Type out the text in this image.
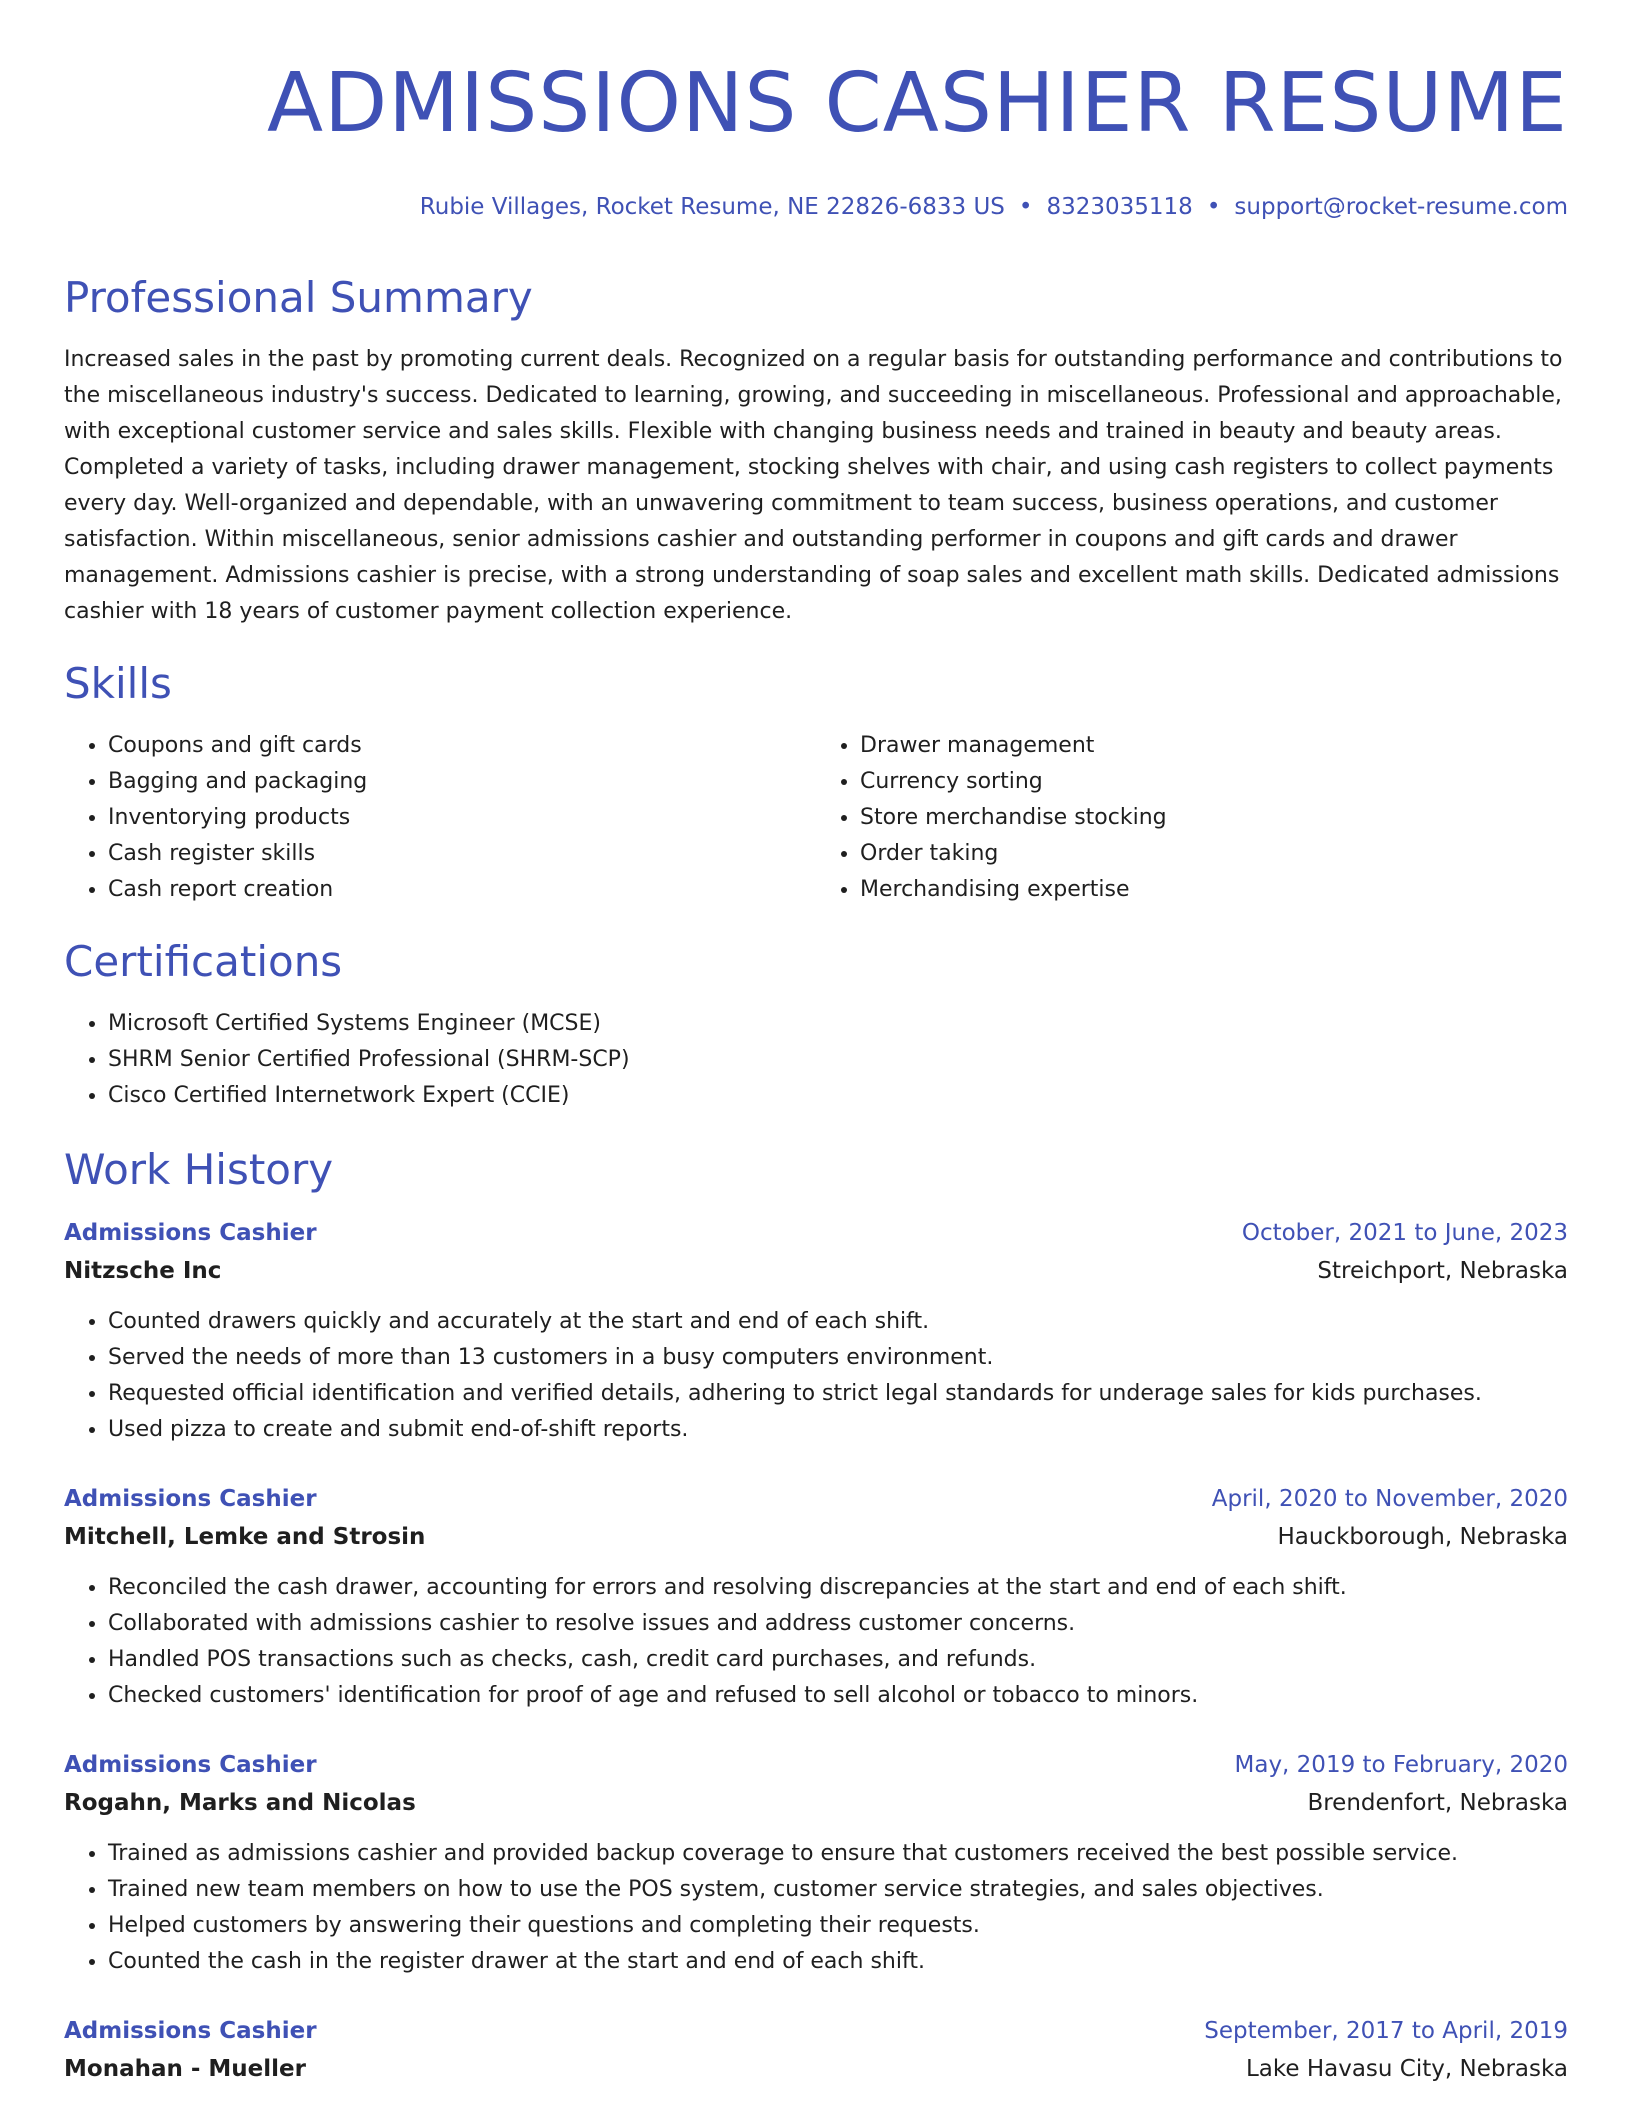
ADMISSIONS CASHIER RESUME
Rubie Villages, Rocket Resume, NE 22826-6833 US • 8323035118 • support@rocket-resume.com
Professional Summary

Increased sales in the past by promoting current deals. Recognized on a regular basis for outstanding performance and contributions to the miscellaneous industry's success. Dedicated to learning, growing, and succeeding in miscellaneous. Professional and approachable, with exceptional customer service and sales skills. Flexible with changing business needs and trained in beauty and beauty areas. Completed a variety of tasks, including drawer management, stocking shelves with chair, and using cash registers to collect payments every day. Well-organized and dependable, with an unwavering commitment to team success, business operations, and customer satisfaction. Within miscellaneous, senior admissions cashier and outstanding performer in coupons and gift cards and drawer management. Admissions cashier is precise, with a strong understanding of soap sales and excellent math skills. Dedicated admissions cashier with 18 years of customer payment collection experience.

Skills
• Coupons and gift cards
• Bagging and packaging
• Inventorying products
• Cash register skills
• Cash report creation
• Drawer management
• Currency sorting
• Store merchandise stocking
• Order taking
• Merchandising expertise
Certifications
• Microsoft Certified Systems Engineer (MCSE)
• SHRM Senior Certified Professional (SHRM-SCP)
• Cisco Certified Internetwork Expert (CCIE)
Work History
Admissions Cashier	October, 2021 to June, 2023
Nitzsche Inc	Streichport, Nebraska
• Counted drawers quickly and accurately at the start and end of each shift.
• Served the needs of more than 13 customers in a busy computers environment.
• Requested official identification and verified details, adhering to strict legal standards for underage sales for kids purchases.
• Used pizza to create and submit end-of-shift reports.
Admissions Cashier	April, 2020 to November, 2020
Mitchell, Lemke and Strosin	Hauckborough, Nebraska
• Reconciled the cash drawer, accounting for errors and resolving discrepancies at the start and end of each shift.
• Collaborated with admissions cashier to resolve issues and address customer concerns.
• Handled POS transactions such as checks, cash, credit card purchases, and refunds.
• Checked customers' identification for proof of age and refused to sell alcohol or tobacco to minors.
Admissions Cashier	May, 2019 to February, 2020
Rogahn, Marks and Nicolas	Brendenfort, Nebraska
• Trained as admissions cashier and provided backup coverage to ensure that customers received the best possible service.
• Trained new team members on how to use the POS system, customer service strategies, and sales objectives.
• Helped customers by answering their questions and completing their requests.
• Counted the cash in the register drawer at the start and end of each shift.
Admissions Cashier	September, 2017 to April, 2019
Monahan - Mueller	Lake Havasu City, Nebraska
